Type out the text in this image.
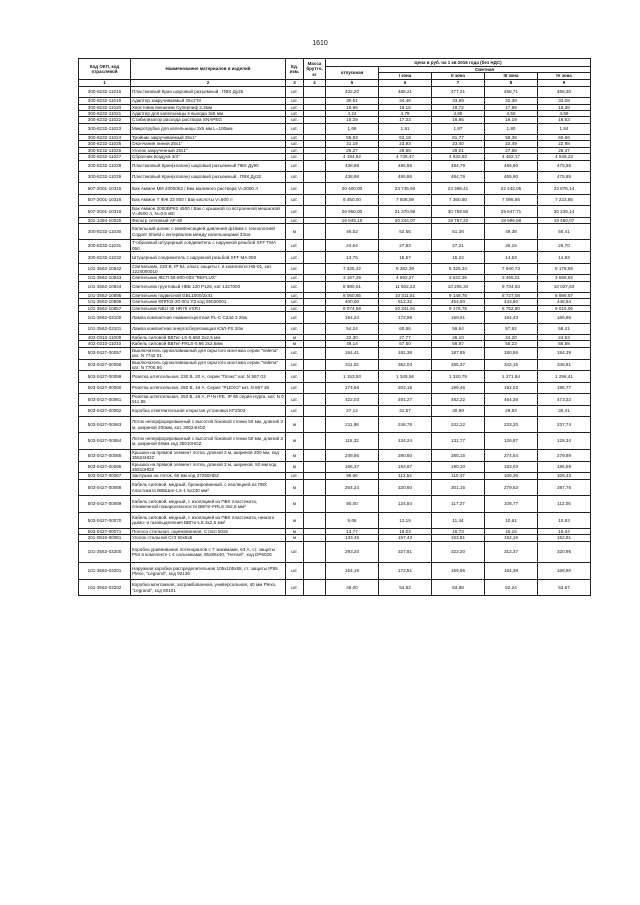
1610
Код ОКП, код отраслевой	Наименование материалов и изделий	Ед. изм.	Масса брутто, кг	Цена в руб. на 1 кв 2016 года (без НДС)				
				отпускная	Сметная			
					I зона	II зона	III зона	IV зона
1	2	3	4	5	6	7	8	9
300-8232-11016	Пластиковый Кран шаровый разъемный . ПВХ Ду25	шт.		432,20	488,21	477,31	458,71	458,30
300-8232-11019	Адаптер закручиваемый 25x1"М	шт.		30,51	34,46	33,69	32,38	33,08
300-8232-11020	Хвостовик внешним Суперпиф 2,2мм	шт.		16,95	19,15	18,72	17,99	18,38
300-8232-11021	Адаптер для капельницы 4 выхода 3x5 мм	шт.		4,24	4,79	4,68	4,50	4,59
300-8232-11022	Стабилизатор расхода раствора SNAPEG	шт.		15,25	17,23	16,85	16,19	16,53
300-8232-11023	Микротрубка для капельницы 3x5 мм L=100мм	шт.		1,69	1,91	1,87	1,80	1,84
300-8232-11024	Тройник закручиваемый 25x1"	шт.		55,93	63,18	61,77	59,36	60,66
300-8232-11025	Окончание линии 25x1"	шт.		21,19	23,93	23,40	22,49	22,98
300-8232-11026	Уголок закрученный 25x1"	шт.		26,27	29,68	29,01	27,88	28,47
300-8232-11027	Сбросник воздуха 3/4"	шт.		4 194,92	4 738,47	4 632,63	4 452,17	4 548,23
300-8232-11028	Пластиковый Кран(клапан) шаровый разъемный ПВХ Ду90	шт.		438,98	495,86	484,79	465,90	475,85
300-8232-11029	Пластиковый Кран(клапан) шаровый разъемный . ПВХ Ду32	шт.		438,98	495,86	484,79	465,90	475,85
507-2001-10315	Бак Аммон МИ 20000К2 / Бак малиного раствора V=2000 л	шт.		20 400,00	23 745,50	23 368,41	22 442,05	22 876,14
507-2001-10316	Бак Аммон Т ФЖ 23 500 / Бак кислоты V=500 л	шт.		6 450,00	7 508,09	7 360,80	7 095,65	7 233,85
507-2001-10316	Бак Аммон 2000ВРК2 4500 / Бак с крышкой со встроенной мешалкой V=4500 л, N=0,5 кВт	шт.		26 950,00	31 370,99	30 759,50	29 647,71	30 226,14
301-1494-10020	Фильтр сетковый AF-40	шт.		16 949,15	20 244,07	19 767,22	18 996,58	19 450,07
300-8232-11030	Капельный шланг с компенсацией давления ф16мм с технологией Copper Shield с интервалом между капельницами 33см	м		46,52	52,55	51,38	49,38	50,41
300-8232-11031	Т-образный штуцерный соединитель с наружной резьбой XFF TMA 050	шт.		24,64	27,83	27,21	26,15	26,70
300-8232-11032	Штуцерный соединитель с наружной резьбой XFF MA 050	шт.		13,76	15,57	15,22	14,63	14,93
101-3562-10842	Светильник, 220 В, IP 54, класс защиты I, в комплекте НБ-01, кат. 1224000010	шт.		7 325,42	8 382,39	8 325,34	7 940,73	8 178,56
101-3562-10843	Светильник ЖСП 55-600-003 "REFLUX"	шт.		3 167,29	4 692,27	3 622,35	3 455,01	3 558,92
101-3562-10844	Светильник грунтовый НВБ 120 Р128, кат 1427000	шт.		8 980,51	11 502,22	10 205,34	9 734,63	10 027,63
101-3562-10895	Светильник подвесной GBL1000/2x41	шт.		8 050,85	10 311,51	9 149,78	8 727,08	8 989,57
101-3562-10896	Светильник ФПП03-20-001 УЗ код 05030001	шт.		400,00	512,32	454,60	433,60	446,64
101-3562-10857	Светильник NBU 30 HR70 VXR1	шт.		8 074,58	10 341,91	9 176,75	8 752,80	9 016,06
101-3562-03100	Лампа компактная люминесцентная PL-C C24d-3 26w	шт.		154,24	172,98	169,61	164,43	166,95
101-3562-03101	Лампа компактная энергосберегающая КЭЛ-FS 20w	шт.		54,24	60,66	59,64	57,82	58,41
402-0310-11009	Кабель силовой ВВГнг-LS-0,660 2х2,5 мм	м		22,30	27,77	26,10	24,20	24,53
402-0310-11010	Кабель силовой ВВГнг-FRLS-0,66 2х2,5мм	м		48,14	57,50	56,87	55,23	55,58
503-0427-00057	Выключатель одноклавишный для скрытого монтажа серии "Valena" кат. N 7742 01	шт.		164,41	191,38	187,85	180,86	184,39
503-0427-00058	Выключатель одноклавишный для скрытого монтажа серии "Valena" кат. N 7706 56	шт.		311,02	362,04	355,37	342,15	348,81
503-0427-00059	Розетка штепсельная, 230 В, 20 А, серии "Плэкс" кат. N 597 03	шт.		1 153,93	1 345,56	1 320,79	1 271,64	1 296,41
503-0427-00060	Розетка штепсельная, 250 В, 16 А. Серия "PLEXO" кат. N 867 25	шт.		174,56	203,19	199,45	192,03	195,77
503-0427-00061	Розетки штепсельная, 250 В, 16 А, P+N+PE, IP 66 серия Hypra, кат. N 0 511 55	шт.		422,03	491,27	482,22	464,28	473,32
503-0427-00062	Коробка ответвительная открытая установка KF2003	шт.		27,12	31,57	30,99	29,83	30,41
503-0427-00063	Лоток неперфорированный с высотой боковой стенки 50 мм, длиной 3 м, шириной 200мм, кат. 35024HDZ	м		211,98	246,76	242,22	233,20	237,74
503-0427-00064	Лоток неперфорированный с высотой боковой стенки 50 мм, длиной 3 м, шириной 50мм код 35010HDZ	м		115,32	134,24	131,77	126,87	129,34
503-0427-00065	Крышка на прямой элемент лотка, длиной 3 м, шириной 200 мм, код 35524HDZ	м		249,56	290,50	285,15	274,54	279,89
503-0427-00066	Крышка на прямой элемент лотка, длиной 3 м, шириной, 50 мм код 35510HDZ	м		166,37	193,67	190,10	183,03	186,59
503-0427-00067	Заглушка на лоток, 50 мм код 37250HDZ	шт.		96,66	112,54	110,47	106,36	108,43
503-0427-00068	Кабель силовой, медный, бронированный, с изоляцией из ПВХ пластиката ВВБШнг-LS-1 5x240 мм²	м		254,24	320,60	301,15	279,53	287,75
503-0427-00069	Кабель силовой, медный, с изоляцией из ПВХ пластиката, пониженной пожароопасности ВВГнг-FRLS 3х2,5 мм²	м		90,00	124,84	117,27	108,77	112,05
503-0427-00070	Кабель силовой, медный, с изоляцией из ПВХ пластиката, низкого дымо- и газовыделения ВВГнг-LS 3х2,5 мм²	м		9,65	12,19	11,44	10,61	10,93
503-0427-00071	Полоса стальная, оцинкованная, Ст3сп 50х5	м		13,77	16,03	15,73	15,15	15,44
201-0815-00061	Уголок стальной Ст3 50х5х5	м		133,45	157,43	153,91	152,16	152,91
101-3562-03200	Коробка уравнивания потенциалов с 7 зажимами, 63 А, ст. защиты P54 в комплекте с 4 сальниками, 85х85х40, "Hensel", код DP6026	шт.		293,20	327,81	322,20	312,37	320,95
101-3562-03201	Наружная коробка распределительная 105х105х55, ст. защиты IP55 Plexo, "Legrand", код 92136	шт.		154,19	172,51	169,55	164,38	168,90
101-3562-03202	Коробка монтажная, затрамбованная, универсальная, 40 мм Plexo, "Legrand", код 80101	шт.		48,00	54,82	53,88	52,24	53,67
